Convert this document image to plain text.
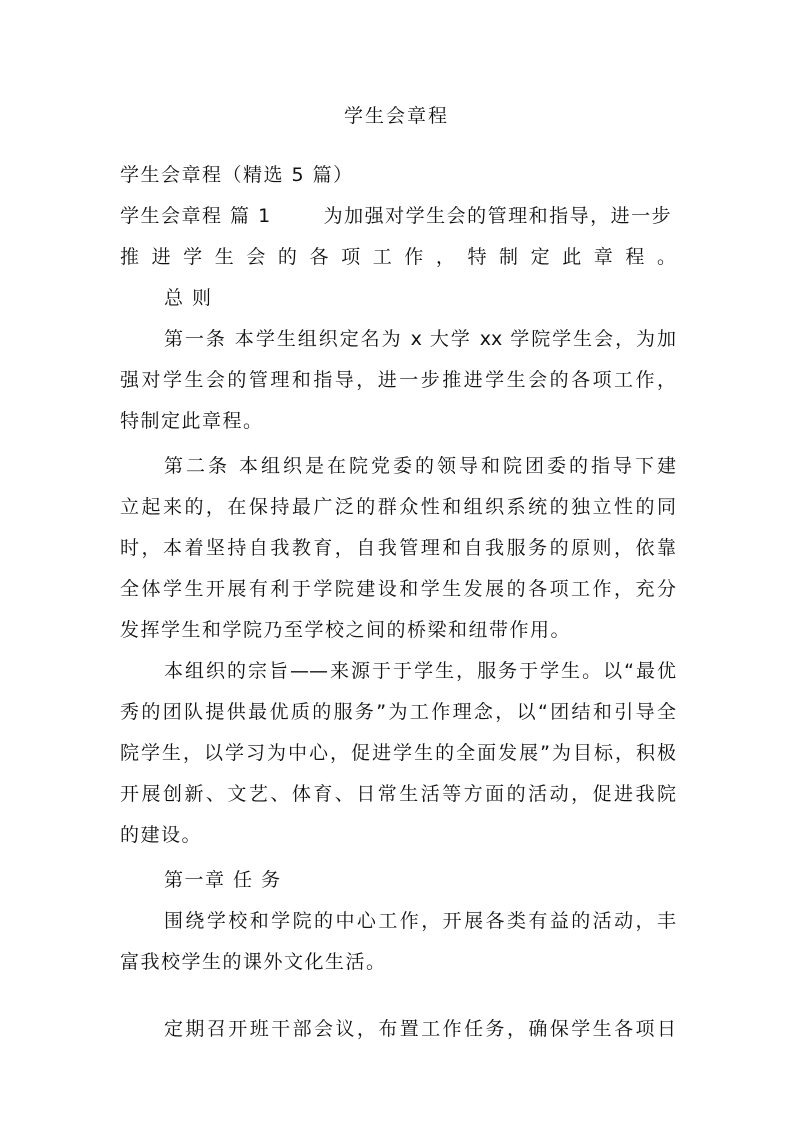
学生会章程
学生会章程（精选 5 篇）
学生会章程 篇 1	为加强对学生会的管理和指导，进一步
推进学生会的各项工作，特制定此章程。
总 则
第一条 本学生组织定名为 x 大学 xx 学院学生会，为加
强对学生会的管理和指导，进一步推进学生会的各项工作，
特制定此章程。
第二条 本组织是在院党委的领导和院团委的指导下建
立起来的，在保持最广泛的群众性和组织系统的独立性的同
时，本着坚持自我教育，自我管理和自我服务的原则，依靠
全体学生开展有利于学院建设和学生发展的各项工作，充分
发挥学生和学院乃至学校之间的桥梁和纽带作用。
本组织的宗旨——来源于于学生，服务于学生。以“最优
秀的团队提供最优质的服务”为工作理念，以“团结和引导全
院学生，以学习为中心，促进学生的全面发展”为目标，积极
开展创新、文艺、体育、日常生活等方面的活动，促进我院
的建设。
第一章 任 务
围绕学校和学院的中心工作，开展各类有益的活动，丰
富我校学生的课外文化生活。
定期召开班干部会议，布置工作任务，确保学生各项日
